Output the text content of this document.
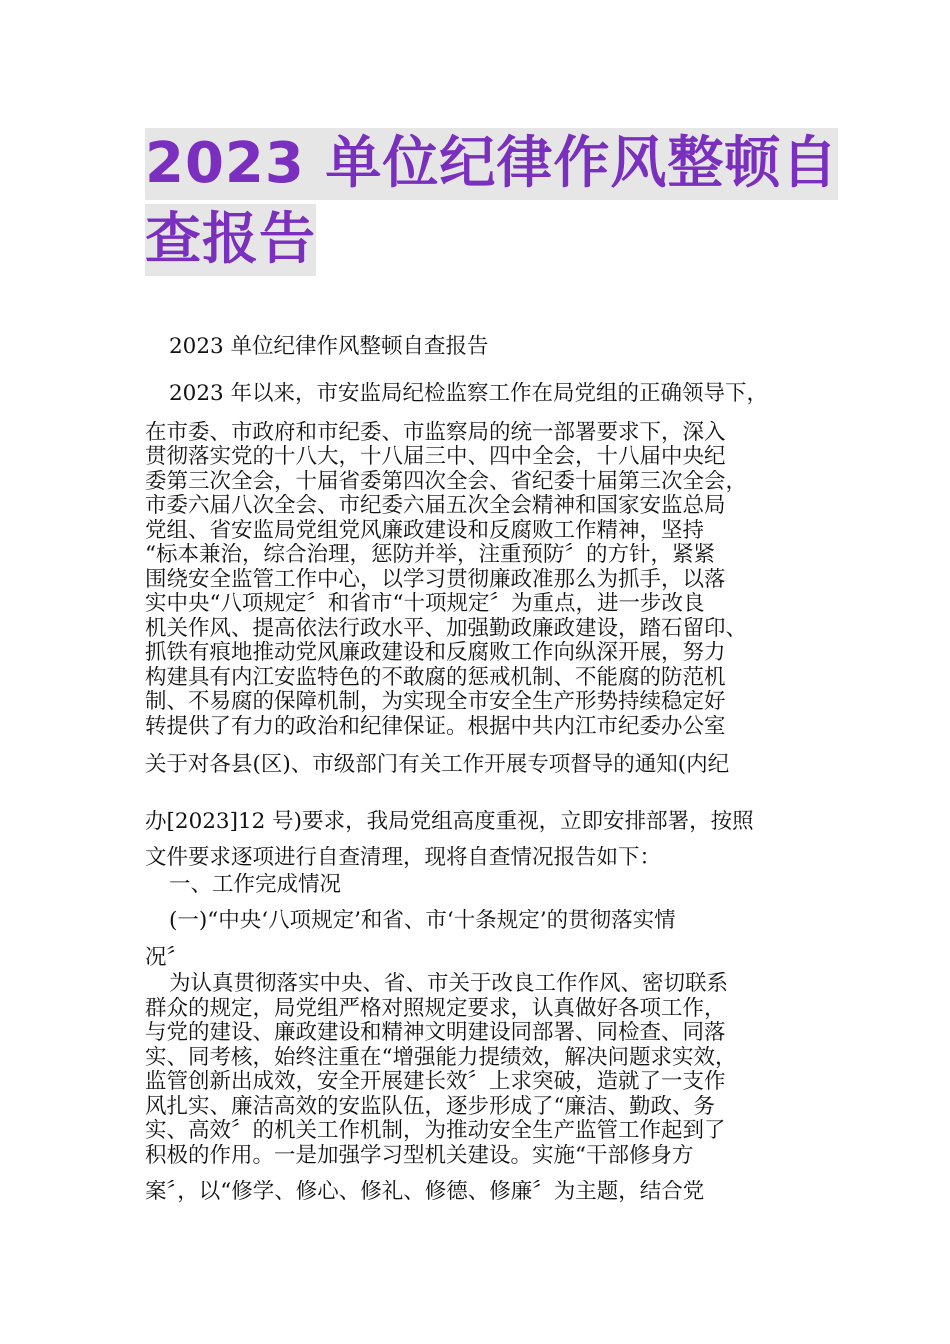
2023 单位纪律作风整顿自
查报告
2023 单位纪律作风整顿自查报告
2023 年以来，市安监局纪检监察工作在局党组的正确领导下，
在市委、市政府和市纪委、市监察局的统一部署要求下，深入
贯彻落实党的十八大，十八届三中、四中全会，十八届中央纪
委第三次全会，十届省委第四次全会、省纪委十届第三次全会，
市委六届八次全会、市纪委六届五次全会精神和国家安监总局
党组、省安监局党组党风廉政建设和反腐败工作精神，坚持
“标本兼治，综合治理，惩防并举，注重预防〞的方针，紧紧
围绕安全监管工作中心，以学习贯彻廉政准那么为抓手，以落
实中央“八项规定〞和省市“十项规定〞为重点，进一步改良
机关作风、提高依法行政水平、加强勤政廉政建设，踏石留印、
抓铁有痕地推动党风廉政建设和反腐败工作向纵深开展，努力
构建具有内江安监特色的不敢腐的惩戒机制、不能腐的防范机
制、不易腐的保障机制，为实现全市安全生产形势持续稳定好
转提供了有力的政治和纪律保证。根据中共内江市纪委办公室
关于对各县(区)、市级部门有关工作开展专项督导的通知(内纪
办[2023]12 号)要求，我局党组高度重视，立即安排部署，按照
文件要求逐项进行自查清理，现将自查情况报告如下：
一、工作完成情况
(一)“中央‘八项规定’和省、市‘十条规定’的贯彻落实情
况〞
为认真贯彻落实中央、省、市关于改良工作作风、密切联系
群众的规定，局党组严格对照规定要求，认真做好各项工作，
与党的建设、廉政建设和精神文明建设同部署、同检查、同落
实、同考核，始终注重在“增强能力提绩效，解决问题求实效，
监管创新出成效，安全开展建长效〞上求突破，造就了一支作
风扎实、廉洁高效的安监队伍，逐步形成了“廉洁、勤政、务
实、高效〞的机关工作机制，为推动安全生产监管工作起到了
积极的作用。一是加强学习型机关建设。实施“干部修身方
案〞，以“修学、修心、修礼、修德、修廉〞为主题，结合党
